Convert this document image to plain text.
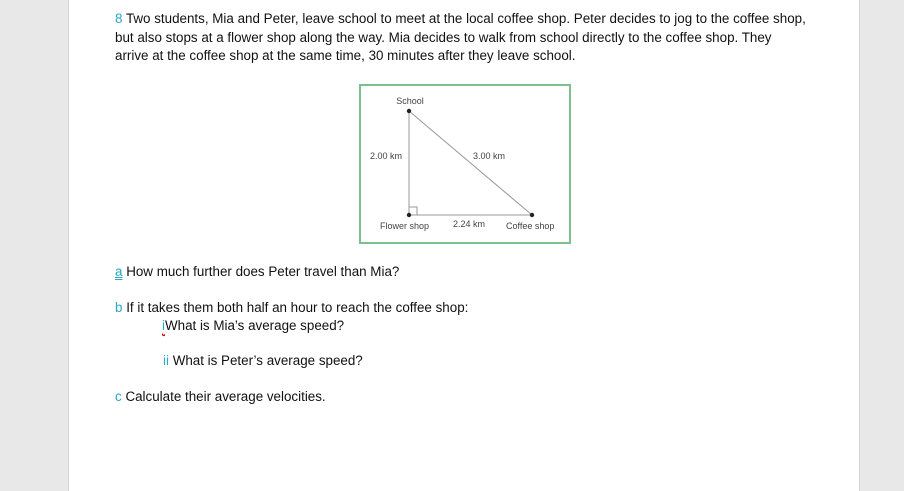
8 Two students, Mia and Peter, leave school to meet at the local coffee shop. Peter decides to jog to the coffee shop,
but also stops at a flower shop along the way. Mia decides to walk from school directly to the coffee shop. They
arrive at the coffee shop at the same time, 30 minutes after they leave school.
School
2.00 km	3.00 km
Flower shop	2.24 km Coffee shop
a How much further does Peter travel than Mia?
b If it takes them both half an hour to reach the coffee shop:
iWhat is Mia’s average speed?
ii What is Peter’s average speed?
c Calculate their average velocities.
